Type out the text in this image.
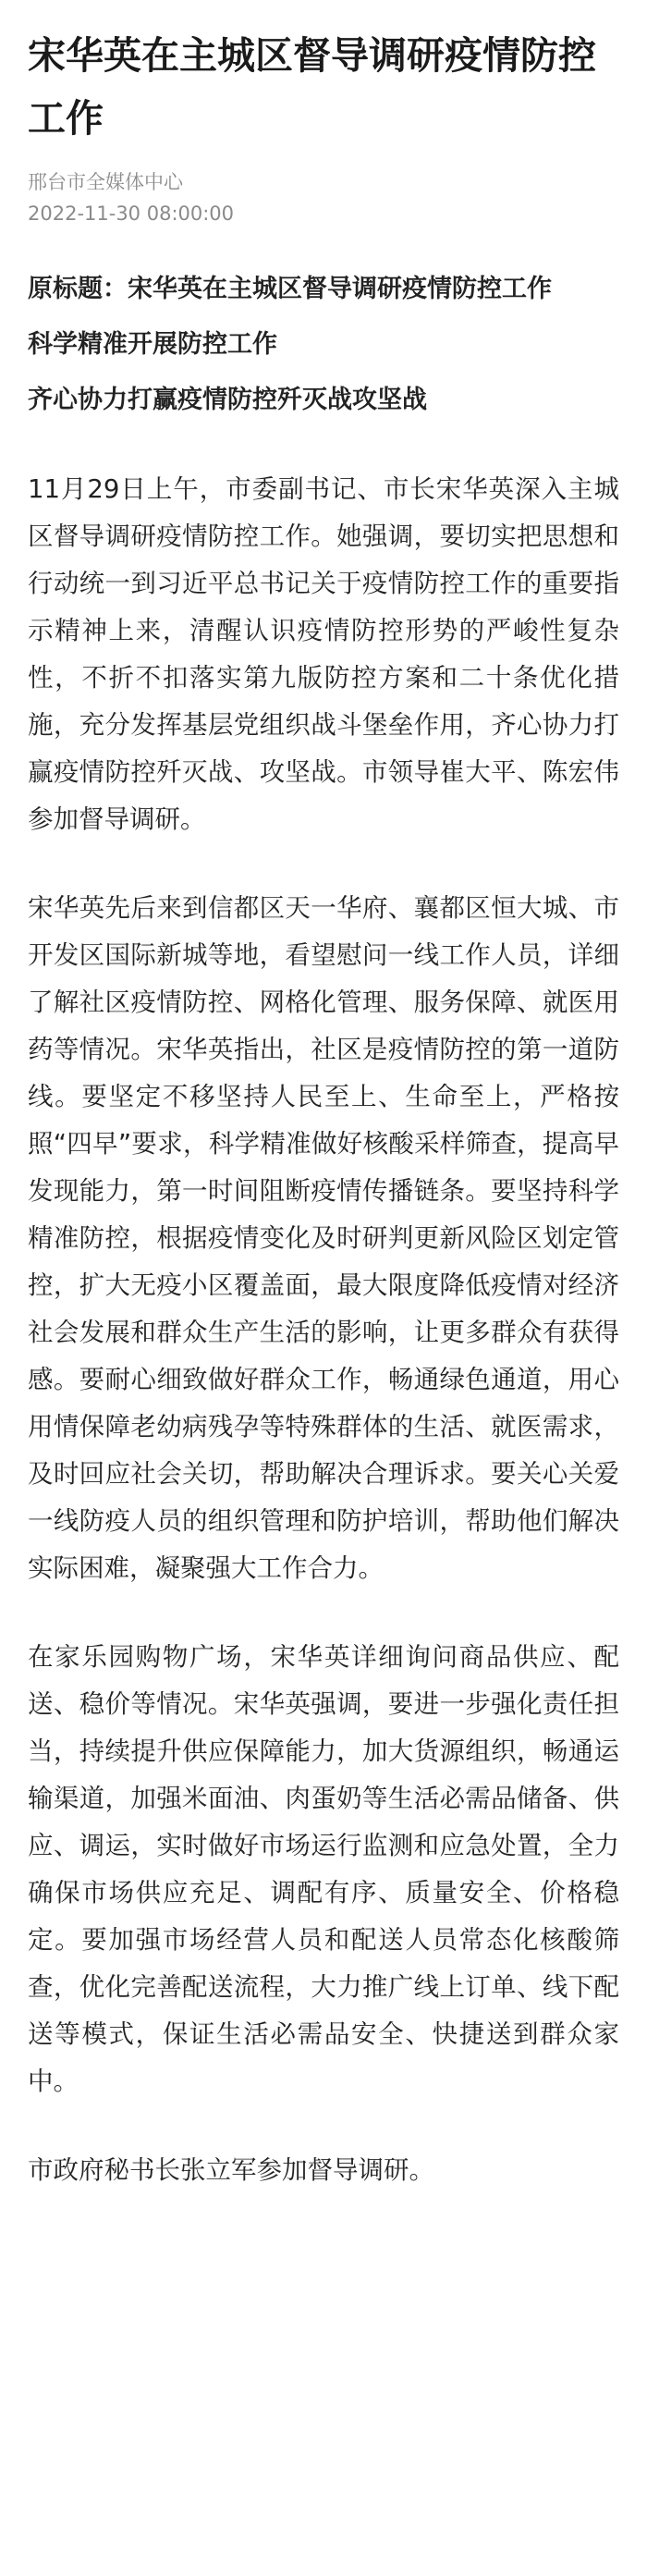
宋华英在主城区督导调研疫情防控工作
邢台市全媒体中心
2022-11-30 08:00:00
原标题：宋华英在主城区督导调研疫情防控工作
科学精准开展防控工作
齐心协力打赢疫情防控歼灭战攻坚战

11月29日上午，市委副书记、市长宋华英深入主城区督导调研疫情防控工作。她强调，要切实把思想和行动统一到习近平总书记关于疫情防控工作的重要指示精神上来，清醒认识疫情防控形势的严峻性复杂性，不折不扣落实第九版防控方案和二十条优化措施，充分发挥基层党组织战斗堡垒作用，齐心协力打赢疫情防控歼灭战、攻坚战。市领导崔大平、陈宏伟参加督导调研。

宋华英先后来到信都区天一华府、襄都区恒大城、市开发区国际新城等地，看望慰问一线工作人员，详细了解社区疫情防控、网格化管理、服务保障、就医用药等情况。宋华英指出，社区是疫情防控的第一道防线。要坚定不移坚持人民至上、生命至上，严格按照“四早”要求，科学精准做好核酸采样筛查，提高早发现能力，第一时间阻断疫情传播链条。要坚持科学精准防控，根据疫情变化及时研判更新风险区划定管控，扩大无疫小区覆盖面，最大限度降低疫情对经济社会发展和群众生产生活的影响，让更多群众有获得感。要耐心细致做好群众工作，畅通绿色通道，用心用情保障老幼病残孕等特殊群体的生活、就医需求，及时回应社会关切，帮助解决合理诉求。要关心关爱一线防疫人员的组织管理和防护培训，帮助他们解决实际困难，凝聚强大工作合力。

在家乐园购物广场，宋华英详细询问商品供应、配送、稳价等情况。宋华英强调，要进一步强化责任担当，持续提升供应保障能力，加大货源组织，畅通运输渠道，加强米面油、肉蛋奶等生活必需品储备、供应、调运，实时做好市场运行监测和应急处置，全力确保市场供应充足、调配有序、质量安全、价格稳定。要加强市场经营人员和配送人员常态化核酸筛查，优化完善配送流程，大力推广线上订单、线下配送等模式，保证生活必需品安全、快捷送到群众家中。

市政府秘书长张立军参加督导调研。
